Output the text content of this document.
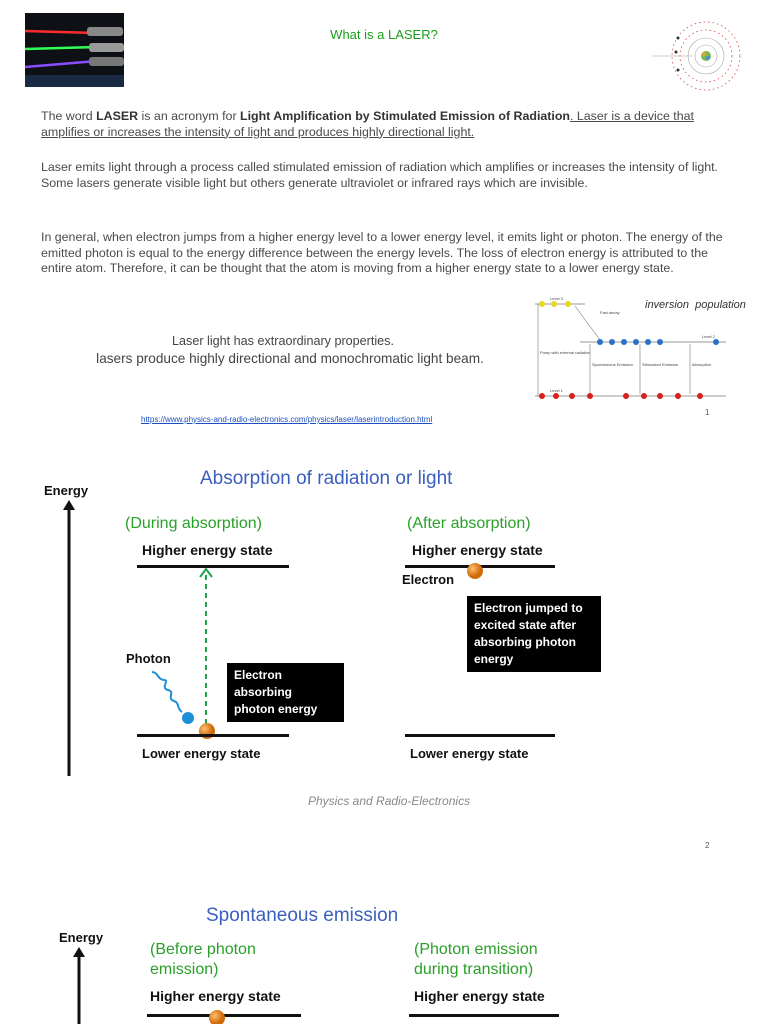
What is a LASER?
The word LASER is an acronym for Light Amplification by Stimulated Emission of Radiation. Laser is a device that amplifies or increases the intensity of light and produces highly directional light.
Laser emits light through a process called stimulated emission of radiation which amplifies or increases the intensity of light.
Some lasers generate visible light but others generate ultraviolet or infrared rays which are invisible.
In general, when electron jumps from a higher energy level to a lower energy level, it emits light or photon. The energy of the emitted photon is equal to the energy difference between the energy levels. The loss of electron energy is attributed to the entire atom. Therefore, it can be thought that the atom is moving from a higher energy state to a lower energy state.
Laser light has extraordinary properties.
lasers produce highly directional and monochromatic light beam.
inversion  population
Level 3
Fast decay
Level 2
Pump with external radiation
Spontaneous Emission Stimulated Emission	Absorption
Level 1
https://www.physics-and-radio-electronics.com/physics/laser/laserintroduction.html
1
Absorption of radiation or light
Energy
(During absorption)	(After absorption)
Higher energy state	Higher energy state
Electron
Electron jumped to
excited state after
absorbing photon
energy
Photon
Electron
absorbing
photon energy
Lower energy state	Lower energy state
Physics and Radio-Electronics
2
Spontaneous emission
Energy
(Before photon
emission)
(Photon emission
during transition)
Higher energy state	Higher energy state
